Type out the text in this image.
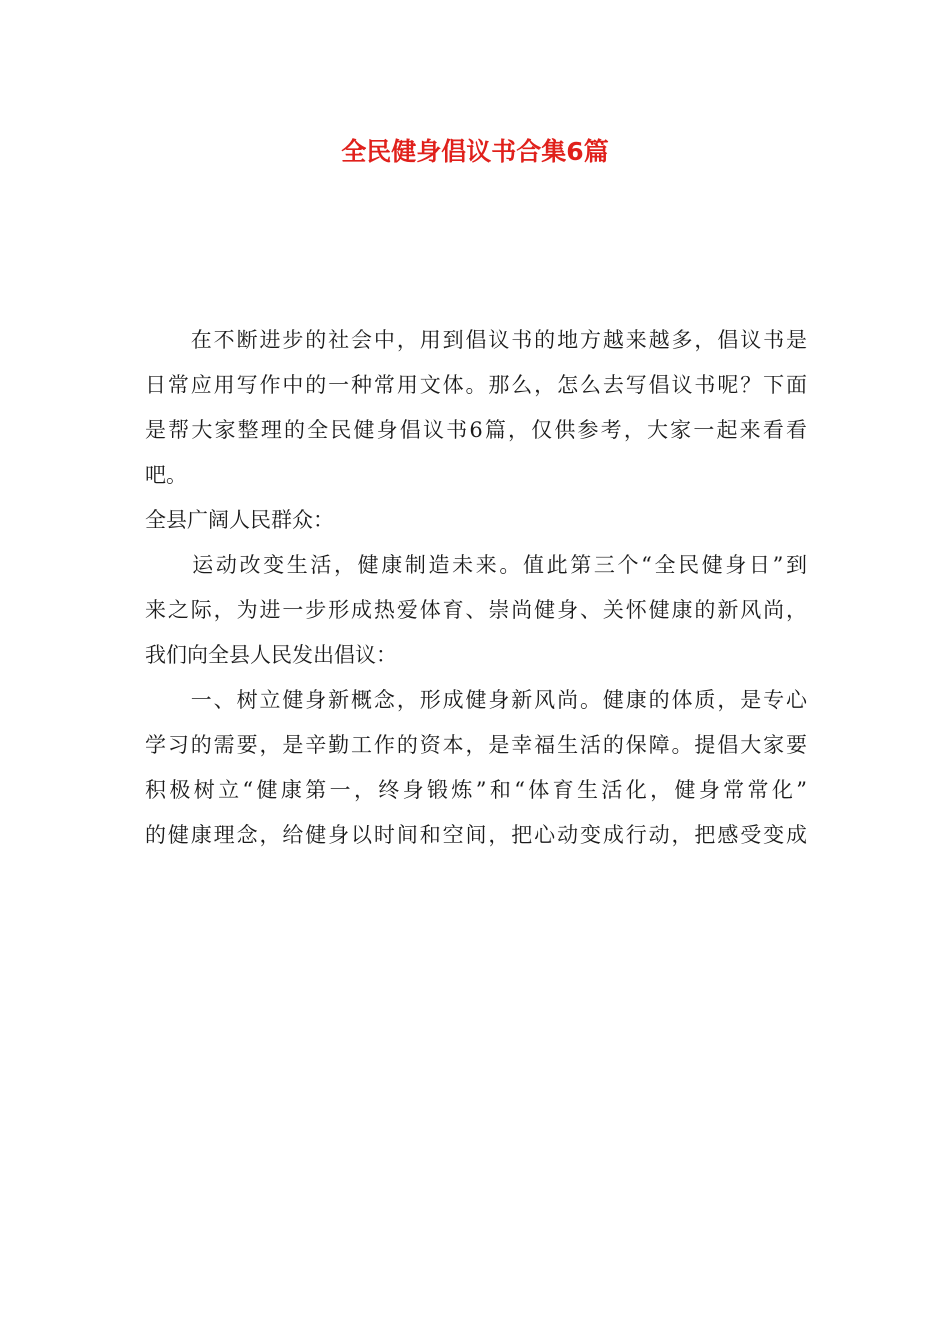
全民健身倡议书合集6篇
　　在不断进步的社会中，用到倡议书的地方越来越多，倡议书是
日常应用写作中的一种常用文体。那么，怎么去写倡议书呢？下面
是帮大家整理的全民健身倡议书6篇，仅供参考，大家一起来看看
吧。
全县广阔人民群众：
　　运动改变生活，健康制造未来。值此第三个“全民健身日”到
来之际，为进一步形成热爱体育、崇尚健身、关怀健康的新风尚，
我们向全县人民发出倡议：
　　一、树立健身新概念，形成健身新风尚。健康的体质，是专心
学习的需要，是辛勤工作的资本，是幸福生活的保障。提倡大家要
积极树立“健康第一，终身锻炼”和“体育生活化，健身常常化”
的健康理念，给健身以时间和空间，把心动变成行动，把感受变成
